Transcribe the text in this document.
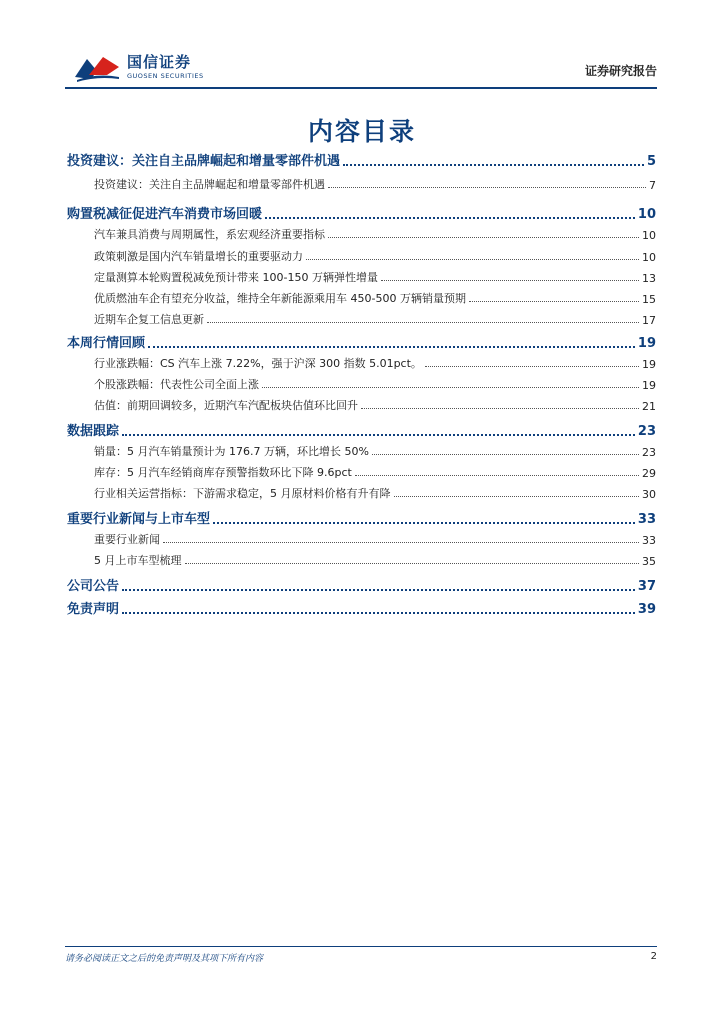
国信证券
GUOSEN SECURITIES	证券研究报告
内容目录
投资建议：关注自主品牌崛起和增量零部件机遇	5
投资建议：关注自主品牌崛起和增量零部件机遇	7
购置税减征促进汽车消费市场回暖	10
汽车兼具消费与周期属性，系宏观经济重要指标	10
政策刺激是国内汽车销量增长的重要驱动力	10
定量测算本轮购置税减免预计带来 100-150 万辆弹性增量	13
优质燃油车企有望充分收益，维持全年新能源乘用车 450-500 万辆销量预期	15
近期车企复工信息更新	17
本周行情回顾	19
行业涨跌幅：CS 汽车上涨 7.22%，强于沪深 300 指数 5.01pct。	19
个股涨跌幅：代表性公司全面上涨	19
估值：前期回调较多，近期汽车汽配板块估值环比回升	21
数据跟踪	23
销量：5 月汽车销量预计为 176.7 万辆，环比增长 50%	23
库存：5 月汽车经销商库存预警指数环比下降 9.6pct	29
行业相关运营指标：下游需求稳定，5 月原材料价格有升有降	30
重要行业新闻与上市车型	33
重要行业新闻	33
5 月上市车型梳理	35
公司公告	37
免责声明	39
请务必阅读正文之后的免责声明及其项下所有内容	2
